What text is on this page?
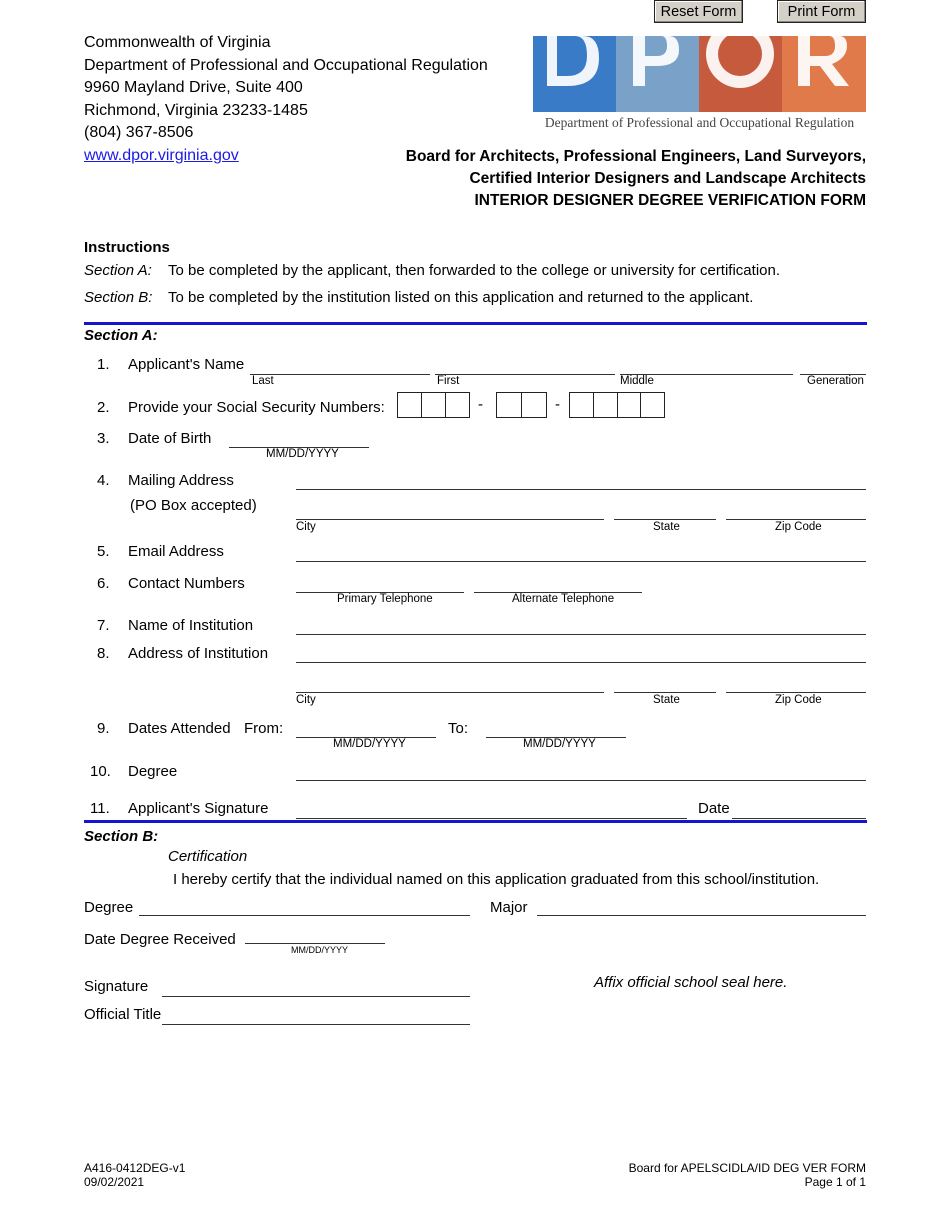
Reset Form	Print Form
Commonwealth of Virginia
Department of Professional and Occupational Regulation
9960 Mayland Drive, Suite 400
Richmond, Virginia 23233-1485
(804) 367-8506
www.dpor.virginia.gov
Department of Professional and Occupational Regulation
Board for Architects, Professional Engineers, Land Surveyors,
Certified Interior Designers and Landscape Architects
INTERIOR DESIGNER DEGREE VERIFICATION FORM
Instructions
Section A: To be completed by the applicant, then forwarded to the college or university for certification.
Section B: To be completed by the institution listed on this application and returned to the applicant.
Section A:
1. Applicant's Name
Last	First	Middle	Generation
2. Provide your Social Security Numbers:	-	-
3. Date of Birth
MM/DD/YYYY
4. Mailing Address
(PO Box accepted)
City	State	Zip Code
5. Email Address
6. Contact Numbers
Primary Telephone	Alternate Telephone
7. Name of Institution
8. Address of Institution
City	State	Zip Code
9. Dates Attended From:
MM/DD/YYYY
To:
MM/DD/YYYY
10. Degree
11. Applicant's Signature	Date
Section B:
Certification
I hereby certify that the individual named on this application graduated from this school/institution.
Degree	Major
Date Degree Received
MM/DD/YYYY
Signature	Affix official school seal here.
Official Title
A416-0412DEG-v1
09/02/2021
Board for APELSCIDLA/ID DEG VER FORM
Page 1 of 1
